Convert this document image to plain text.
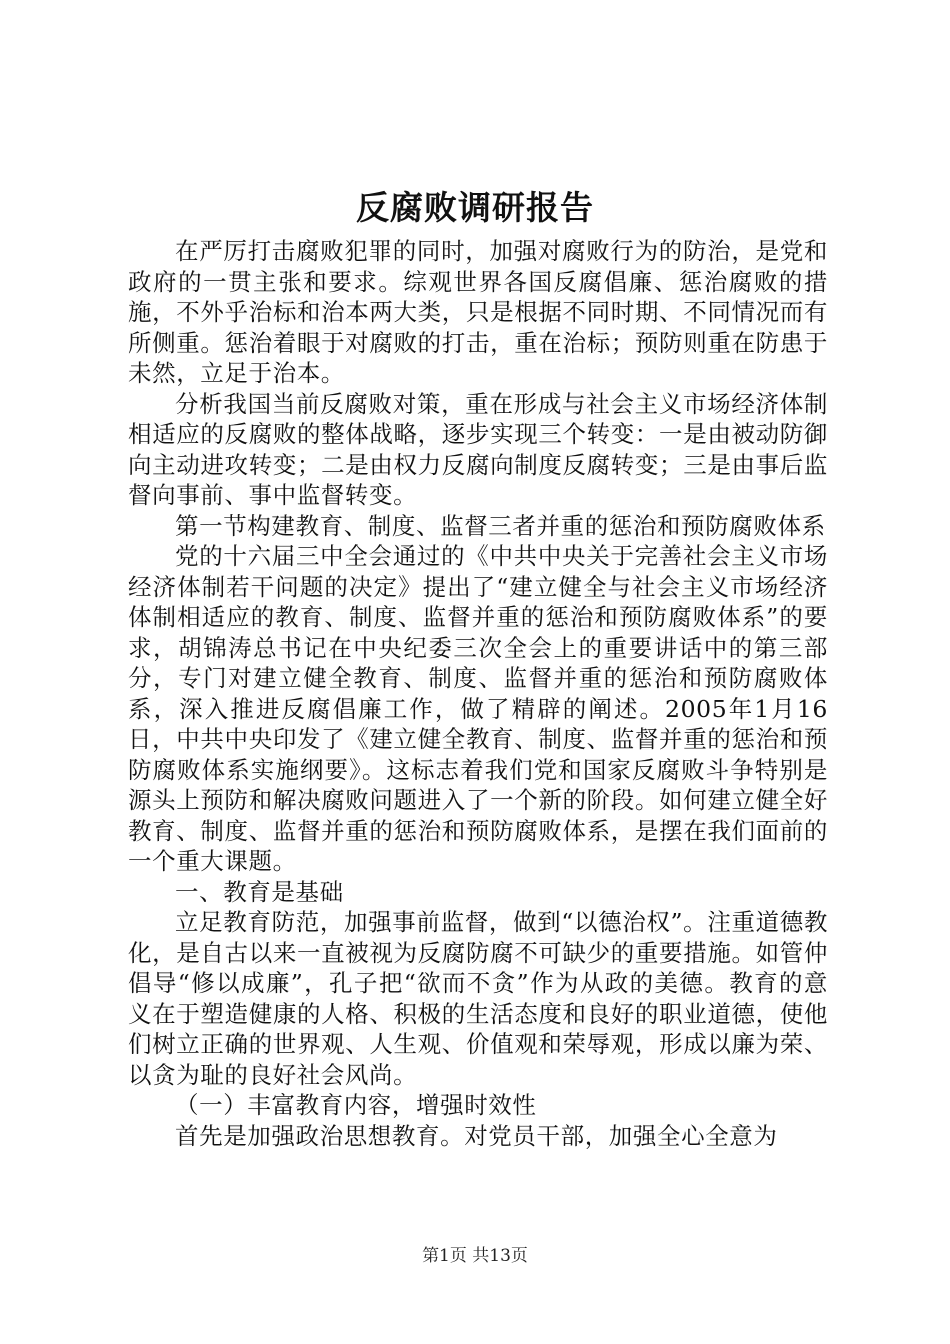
反腐败调研报告

在严厉打击腐败犯罪的同时，加强对腐败行为的防治，是党和政府的一贯主张和要求。综观世界各国反腐倡廉、惩治腐败的措施，不外乎治标和治本两大类，只是根据不同时期、不同情况而有所侧重。惩治着眼于对腐败的打击，重在治标；预防则重在防患于未然，立足于治本。

分析我国当前反腐败对策，重在形成与社会主义市场经济体制相适应的反腐败的整体战略，逐步实现三个转变：一是由被动防御向主动进攻转变；二是由权力反腐向制度反腐转变；三是由事后监督向事前、事中监督转变。

第一节构建教育、制度、监督三者并重的惩治和预防腐败体系

党的十六届三中全会通过的《中共中央关于完善社会主义市场经济体制若干问题的决定》提出了“建立健全与社会主义市场经济体制相适应的教育、制度、监督并重的惩治和预防腐败体系”的要求，胡锦涛总书记在中央纪委三次全会上的重要讲话中的第三部分，专门对建立健全教育、制度、监督并重的惩治和预防腐败体系，深入推进反腐倡廉工作，做了精辟的阐述。2005年1月16日，中共中央印发了《建立健全教育、制度、监督并重的惩治和预防腐败体系实施纲要》。这标志着我们党和国家反腐败斗争特别是源头上预防和解决腐败问题进入了一个新的阶段。如何建立健全好教育、制度、监督并重的惩治和预防腐败体系，是摆在我们面前的一个重大课题。

一、教育是基础

立足教育防范，加强事前监督，做到“以德治权”。注重道德教化，是自古以来一直被视为反腐防腐不可缺少的重要措施。如管仲倡导“修以成廉”，孔子把“欲而不贪”作为从政的美德。教育的意义在于塑造健康的人格、积极的生活态度和良好的职业道德，使他们树立正确的世界观、人生观、价值观和荣辱观，形成以廉为荣、以贪为耻的良好社会风尚。

（一）丰富教育内容，增强时效性

首先是加强政治思想教育。对党员干部，加强全心全意为

第1页 共13页
